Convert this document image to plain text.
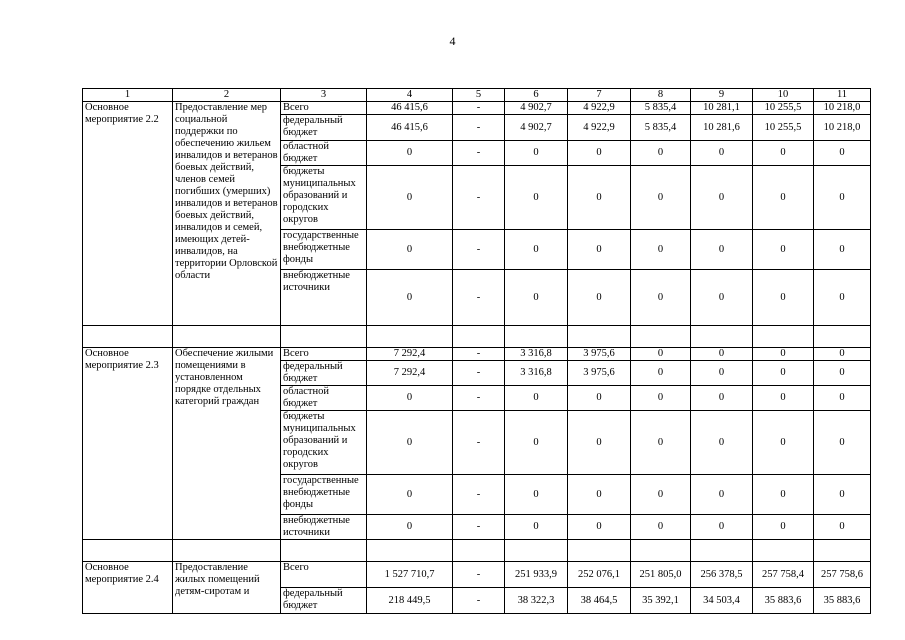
4
1	2	3	4	5	6	7	8	9	10	11
Основное мероприятие 2.2	Предоставление мер социальной поддержки по обеспечению жильем инвалидов и ветеранов боевых действий, членов семей погибших (умерших) инвалидов и ветеранов боевых действий, инвалидов и семей, имеющих детей-инвалидов, на территории Орловской области	Всего	46 415,6	-	4 902,7	4 922,9	5 835,4	10 281,1	10 255,5	10 218,0
		федеральный бюджет	46 415,6	-	4 902,7	4 922,9	5 835,4	10 281,6	10 255,5	10 218,0
		областной бюджет	0	-	0	0	0	0	0	0
		бюджеты муниципальных образований и городских округов	0	-	0	0	0	0	0	0
		государственные внебюджетные фонды	0	-	0	0	0	0	0	0
		внебюджетные источники	0	-	0	0	0	0	0	0

Основное мероприятие 2.3	Обеспечение жилыми помещениями в установленном порядке отдельных категорий граждан	Всего	7 292,4	-	3 316,8	3 975,6	0	0	0	0
		федеральный бюджет	7 292,4	-	3 316,8	3 975,6	0	0	0	0
		областной бюджет	0	-	0	0	0	0	0	0
		бюджеты муниципальных образований и городских округов	0	-	0	0	0	0	0	0
		государственные внебюджетные фонды	0	-	0	0	0	0	0	0
		внебюджетные источники	0	-	0	0	0	0	0	0

Основное мероприятие 2.4	Предоставление жилых помещений детям-сиротам и	Всего	1 527 710,7	-	251 933,9	252 076,1	251 805,0	256 378,5	257 758,4	257 758,6
		федеральный бюджет	218 449,5	-	38 322,3	38 464,5	35 392,1	34 503,4	35 883,6	35 883,6
